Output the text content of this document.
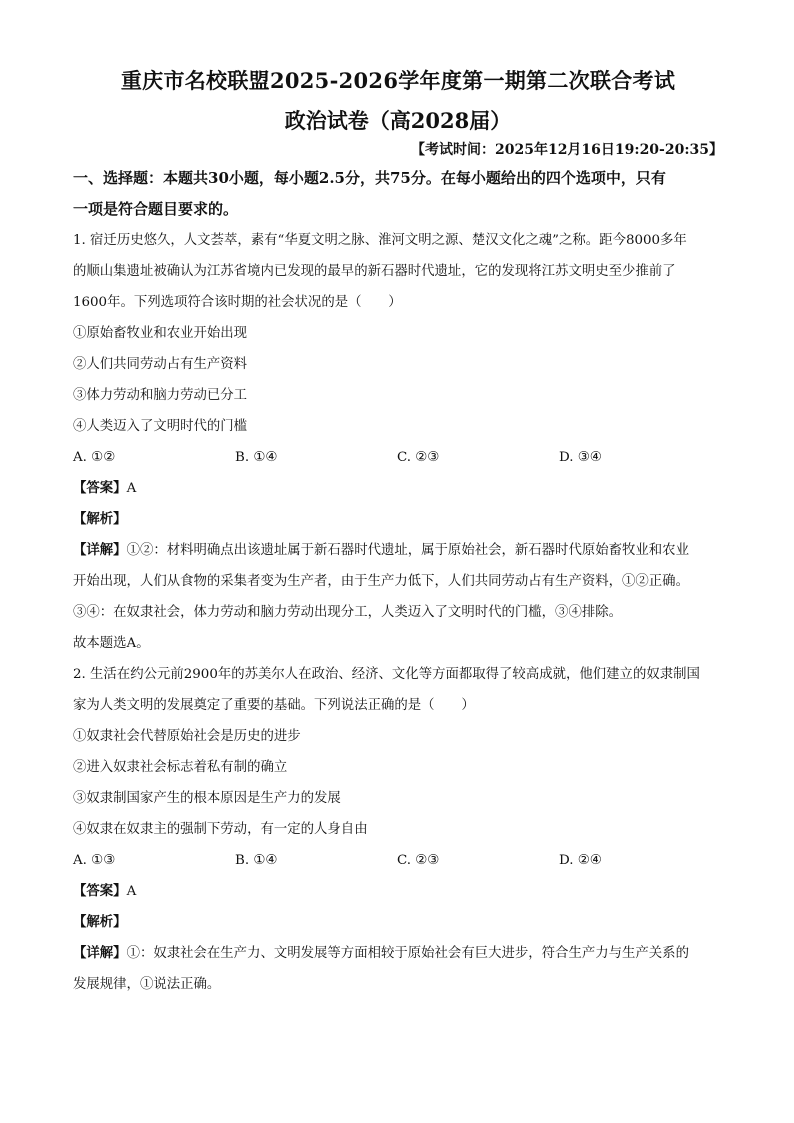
重庆市名校联盟2025-2026学年度第一期第二次联合考试
政治试卷（高2028届）
【考试时间：2025年12月16日19:20-20:35】
一、选择题：本题共30小题，每小题2.5分，共75分。在每小题给出的四个选项中，只有
一项是符合题目要求的。
1. 宿迁历史悠久，人文荟萃，素有“华夏文明之脉、淮河文明之源、楚汉文化之魂”之称。距今8000多年
的顺山集遗址被确认为江苏省境内已发现的最早的新石器时代遗址，它的发现将江苏文明史至少推前了
1600年。下列选项符合该时期的社会状况的是（　　）
①原始畜牧业和农业开始出现
②人们共同劳动占有生产资料
③体力劳动和脑力劳动已分工
④人类迈入了文明时代的门槛
A. ①②	B. ①④	C. ②③	D. ③④
【答案】A
【解析】
【详解】①②：材料明确点出该遗址属于新石器时代遗址，属于原始社会，新石器时代原始畜牧业和农业
开始出现，人们从食物的采集者变为生产者，由于生产力低下，人们共同劳动占有生产资料，①②正确。
③④：在奴隶社会，体力劳动和脑力劳动出现分工，人类迈入了文明时代的门槛，③④排除。
故本题选A。
2. 生活在约公元前2900年的苏美尔人在政治、经济、文化等方面都取得了较高成就，他们建立的奴隶制国
家为人类文明的发展奠定了重要的基础。下列说法正确的是（　　）
①奴隶社会代替原始社会是历史的进步
②进入奴隶社会标志着私有制的确立
③奴隶制国家产生的根本原因是生产力的发展
④奴隶在奴隶主的强制下劳动，有一定的人身自由
A. ①③	B. ①④	C. ②③	D. ②④
【答案】A
【解析】
【详解】①：奴隶社会在生产力、文明发展等方面相较于原始社会有巨大进步，符合生产力与生产关系的
发展规律，①说法正确。
